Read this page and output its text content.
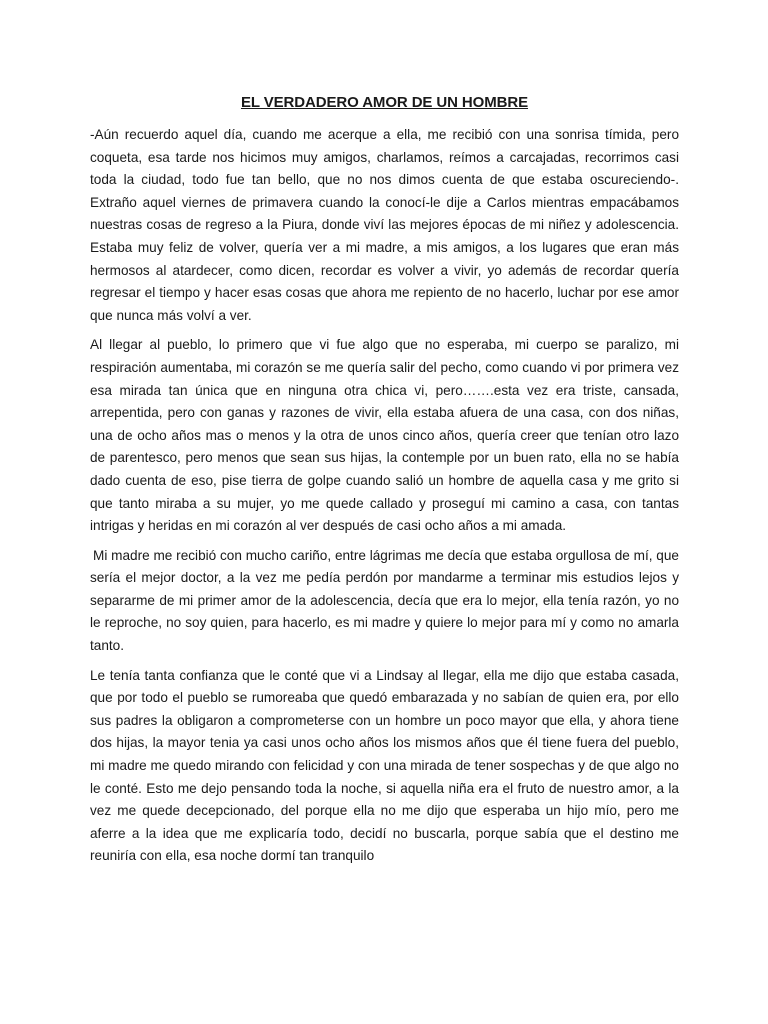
EL VERDADERO AMOR DE UN HOMBRE

-Aún recuerdo aquel día, cuando me acerque a ella, me recibió con una sonrisa tímida, pero coqueta, esa tarde nos hicimos muy amigos, charlamos, reímos a carcajadas, recorrimos casi toda la ciudad, todo fue tan bello, que no nos dimos cuenta de que estaba oscureciendo-. Extraño aquel viernes de primavera cuando la conocí-le dije a Carlos mientras empacábamos nuestras cosas de regreso a la Piura, donde viví las mejores épocas de mi niñez y adolescencia. Estaba muy feliz de volver, quería ver a mi madre, a mis amigos, a los lugares que eran más hermosos al atardecer, como dicen, recordar es volver a vivir, yo además de recordar quería regresar el tiempo y hacer esas cosas que ahora me repiento de no hacerlo, luchar por ese amor que nunca más volví a ver.

Al llegar al pueblo, lo primero que vi fue algo que no esperaba, mi cuerpo se paralizo, mi respiración aumentaba, mi corazón se me quería salir del pecho, como cuando vi por primera vez esa mirada tan única que en ninguna otra chica vi, pero…….esta vez era triste, cansada, arrepentida, pero con ganas y razones de vivir, ella estaba afuera de una casa, con dos niñas, una de ocho años mas o menos y la otra de unos cinco años, quería creer que tenían otro lazo de parentesco, pero menos que sean sus hijas, la contemple por un buen rato, ella no se había dado cuenta de eso, pise tierra de golpe cuando salió un hombre de aquella casa y me grito si que tanto miraba a su mujer, yo me quede callado y proseguí mi camino a casa, con tantas intrigas y heridas en mi corazón al ver después de casi ocho años a mi amada.

Mi madre me recibió con mucho cariño, entre lágrimas me decía que estaba orgullosa de mí, que sería el mejor doctor, a la vez me pedía perdón por mandarme a terminar mis estudios lejos y separarme de mi primer amor de la adolescencia, decía que era lo mejor, ella tenía razón, yo no le reproche, no soy quien, para hacerlo, es mi madre y quiere lo mejor para mí y como no amarla tanto.

Le tenía tanta confianza que le conté que vi a Lindsay al llegar, ella me dijo que estaba casada, que por todo el pueblo se rumoreaba que quedó embarazada y no sabían de quien era, por ello sus padres la obligaron a comprometerse con un hombre un poco mayor que ella, y ahora tiene dos hijas, la mayor tenia ya casi unos ocho años los mismos años que él tiene fuera del pueblo, mi madre me quedo mirando con felicidad y con una mirada de tener sospechas y de que algo no le conté. Esto me dejo pensando toda la noche, si aquella niña era el fruto de nuestro amor, a la vez me quede decepcionado, del porque ella no me dijo que esperaba un hijo mío, pero me aferre a la idea que me explicaría todo, decidí no buscarla, porque sabía que el destino me reuniría con ella, esa noche dormí tan tranquilo
